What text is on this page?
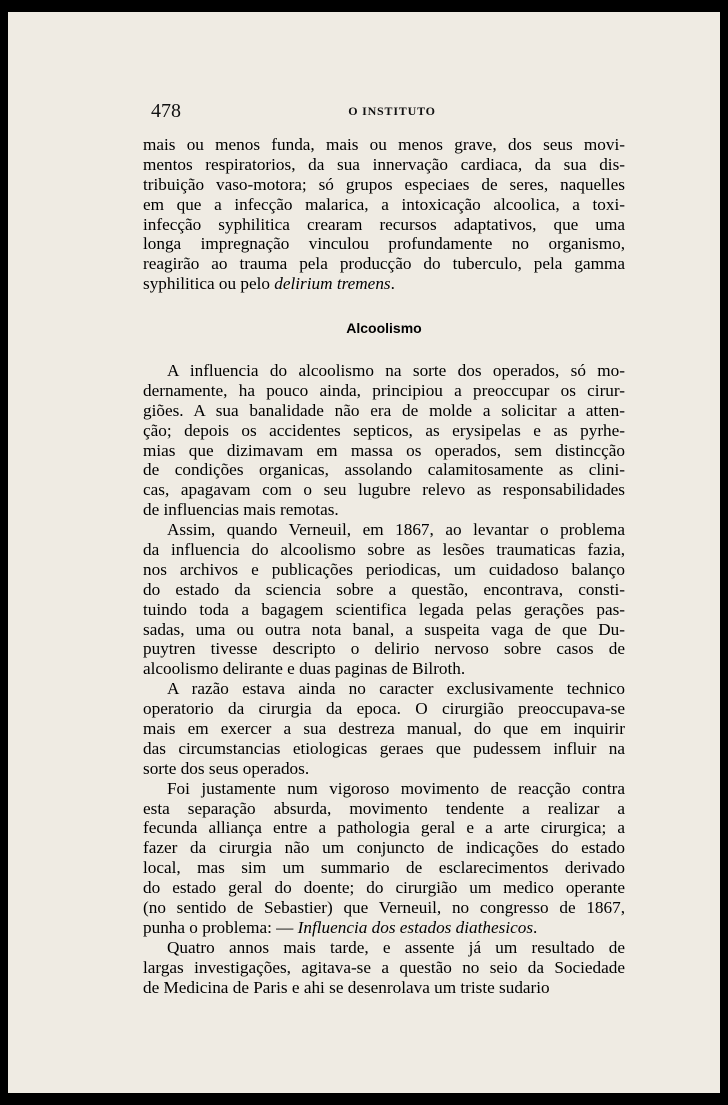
478	O INSTITUTO
mais ou menos funda, mais ou menos grave, dos seus movi-
mentos respiratorios, da sua innervação cardiaca, da sua dis-
tribuição vaso-motora; só grupos especiaes de seres, naquelles
em que a infecção malarica, a intoxicação alcoolica, a toxi-
infecção syphilitica crearam recursos adaptativos, que uma
longa impregnação vinculou profundamente no organismo,
reagirão ao trauma pela producção do tuberculo, pela gamma
syphilitica ou pelo delirium tremens.
Alcoolismo
A influencia do alcoolismo na sorte dos operados, só mo-
dernamente, ha pouco ainda, principiou a preoccupar os cirur-
giões. A sua banalidade não era de molde a solicitar a atten-
ção; depois os accidentes septicos, as erysipelas e as pyrhe-
mias que dizimavam em massa os operados, sem distincção
de condições organicas, assolando calamitosamente as clini-
cas, apagavam com o seu lugubre relevo as responsabilidades
de influencias mais remotas.
Assim, quando Verneuil, em 1867, ao levantar o problema
da influencia do alcoolismo sobre as lesões traumaticas fazia,
nos archivos e publicações periodicas, um cuidadoso balanço
do estado da sciencia sobre a questão, encontrava, consti-
tuindo toda a bagagem scientifica legada pelas gerações pas-
sadas, uma ou outra nota banal, a suspeita vaga de que Du-
puytren tivesse descripto o delirio nervoso sobre casos de
alcoolismo delirante e duas paginas de Bilroth.
A razão estava ainda no caracter exclusivamente technico
operatorio da cirurgia da epoca. O cirurgião preoccupava-se
mais em exercer a sua destreza manual, do que em inquirir
das circumstancias etiologicas geraes que pudessem influir na
sorte dos seus operados.
Foi justamente num vigoroso movimento de reacção contra
esta separação absurda, movimento tendente a realizar a
fecunda alliança entre a pathologia geral e a arte cirurgica; a
fazer da cirurgia não um conjuncto de indicações do estado
local, mas sim um summario de esclarecimentos derivado
do estado geral do doente; do cirurgião um medico operante
(no sentido de Sebastier) que Verneuil, no congresso de 1867,
punha o problema: — Influencia dos estados diathesicos.
Quatro annos mais tarde, e assente já um resultado de
largas investigações, agitava-se a questão no seio da Sociedade
de Medicina de Paris e ahi se desenrolava um triste sudario
